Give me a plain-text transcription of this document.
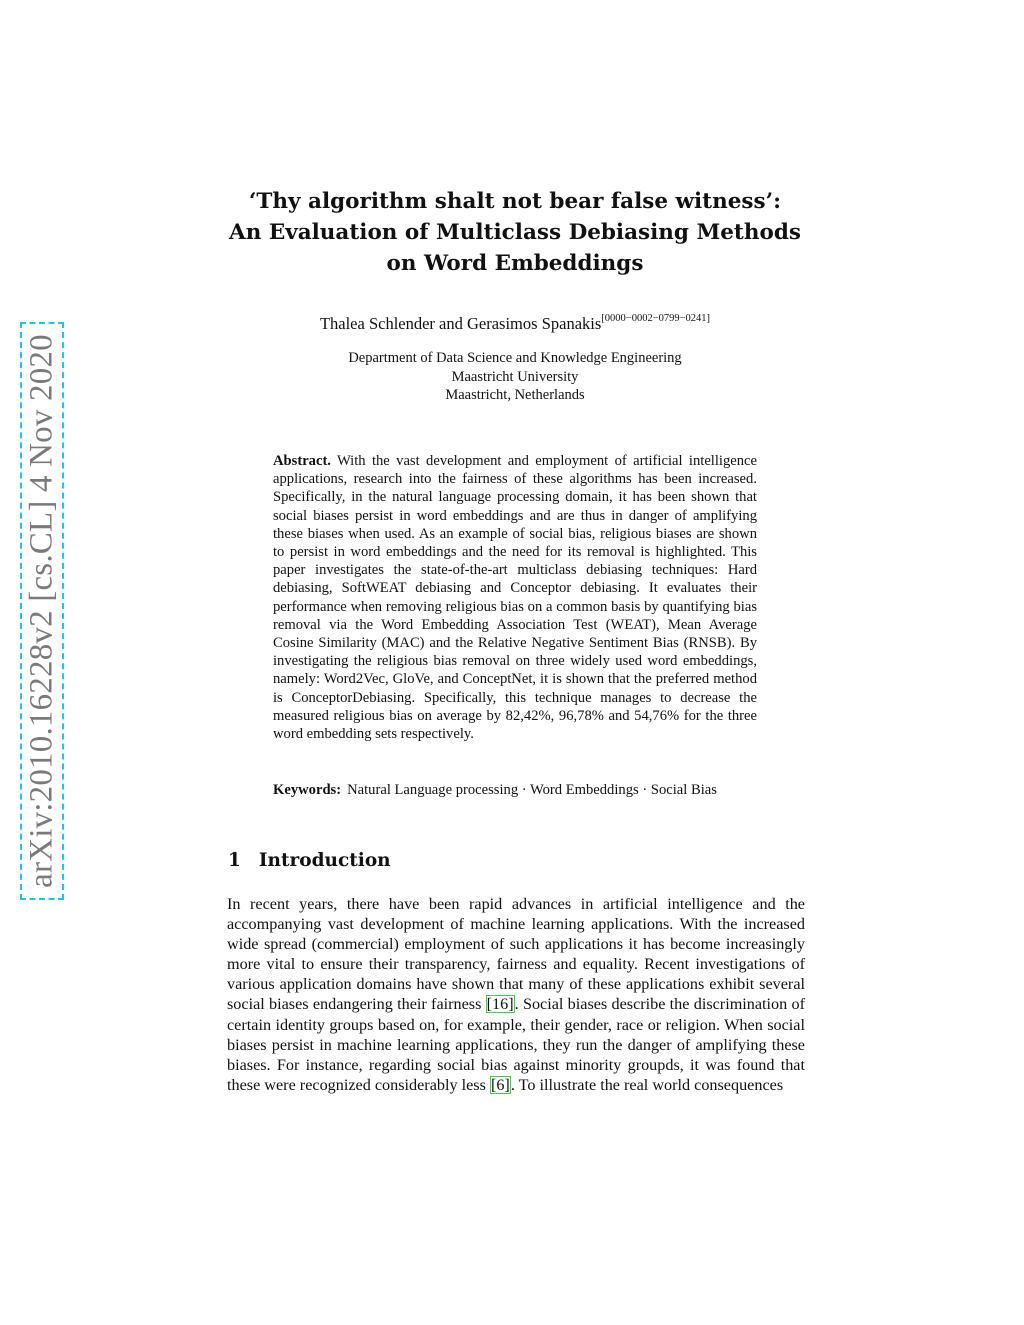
arXiv:2010.16228v2 [cs.CL] 4 Nov 2020
‘Thy algorithm shalt not bear false witness’:
An Evaluation of Multiclass Debiasing Methods
on Word Embeddings

Thalea Schlender and Gerasimos Spanakis[0000−0002−0799−0241]

Department of Data Science and Knowledge Engineering
Maastricht University
Maastricht, Netherlands

Abstract. With the vast development and employment of artificial intelligence applications, research into the fairness of these algorithms has been increased. Specifically, in the natural language processing domain, it has been shown that social biases persist in word embeddings and are thus in danger of amplifying these biases when used. As an example of social bias, religious biases are shown to persist in word embeddings and the need for its removal is highlighted. This paper investigates the state-of-the-art multiclass debiasing techniques: Hard debiasing, SoftWEAT debiasing and Conceptor debiasing. It evaluates their performance when removing religious bias on a common basis by quantifying bias removal via the Word Embedding Association Test (WEAT), Mean Average Cosine Similarity (MAC) and the Relative Negative Sentiment Bias (RNSB). By investigating the religious bias removal on three widely used word embeddings, namely: Word2Vec, GloVe, and ConceptNet, it is shown that the preferred method is ConceptorDebiasing. Specifically, this technique manages to decrease the measured religious bias on average by 82,42%, 96,78% and 54,76% for the three word embedding sets respectively.

Keywords: Natural Language processing · Word Embeddings · Social Bias

1 Introduction

In recent years, there have been rapid advances in artificial intelligence and the accompanying vast development of machine learning applications. With the increased wide spread (commercial) employment of such applications it has become increasingly more vital to ensure their transparency, fairness and equality. Recent investigations of various application domains have shown that many of these applications exhibit several social biases endangering their fairness [16]. Social biases describe the discrimination of certain identity groups based on, for example, their gender, race or religion. When social biases persist in machine learning applications, they run the danger of amplifying these biases. For instance, regarding social bias against minority groupds, it was found that these were recognized considerably less [6]. To illustrate the real world consequences
